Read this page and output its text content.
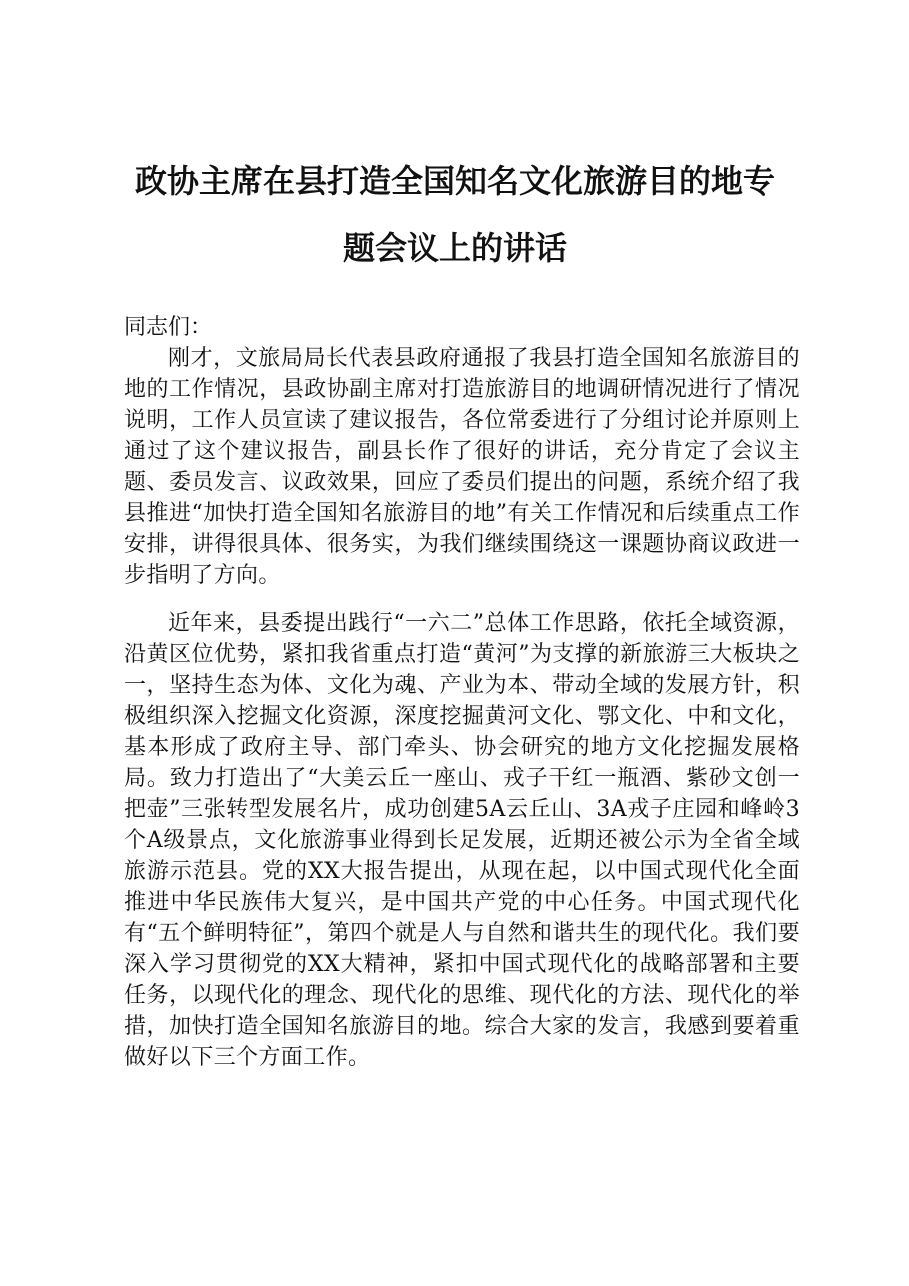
政协主席在县打造全国知名文化旅游目的地专
题会议上的讲话
同志们：

刚才，文旅局局长代表县政府通报了我县打造全国知名旅游目的地的工作情况，县政协副主席对打造旅游目的地调研情况进行了情况说明，工作人员宣读了建议报告，各位常委进行了分组讨论并原则上通过了这个建议报告，副县长作了很好的讲话，充分肯定了会议主题、委员发言、议政效果，回应了委员们提出的问题，系统介绍了我县推进“加快打造全国知名旅游目的地”有关工作情况和后续重点工作安排，讲得很具体、很务实，为我们继续围绕这一课题协商议政进一步指明了方向。

近年来，县委提出践行“一六二”总体工作思路，依托全域资源，沿黄区位优势，紧扣我省重点打造“黄河”为支撑的新旅游三大板块之一，坚持生态为体、文化为魂、产业为本、带动全域的发展方针，积极组织深入挖掘文化资源，深度挖掘黄河文化、鄂文化、中和文化，基本形成了政府主导、部门牵头、协会研究的地方文化挖掘发展格局。致力打造出了“大美云丘一座山、戎子干红一瓶酒、紫砂文创一把壶”三张转型发展名片，成功创建5A云丘山、3A戎子庄园和峰岭3个A级景点，文化旅游事业得到长足发展，近期还被公示为全省全域旅游示范县。党的XX大报告提出，从现在起，以中国式现代化全面推进中华民族伟大复兴，是中国共产党的中心任务。中国式现代化有“五个鲜明特征”，第四个就是人与自然和谐共生的现代化。我们要深入学习贯彻党的XX大精神，紧扣中国式现代化的战略部署和主要任务，以现代化的理念、现代化的思维、现代化的方法、现代化的举措，加快打造全国知名旅游目的地。综合大家的发言，我感到要着重做好以下三个方面工作。
